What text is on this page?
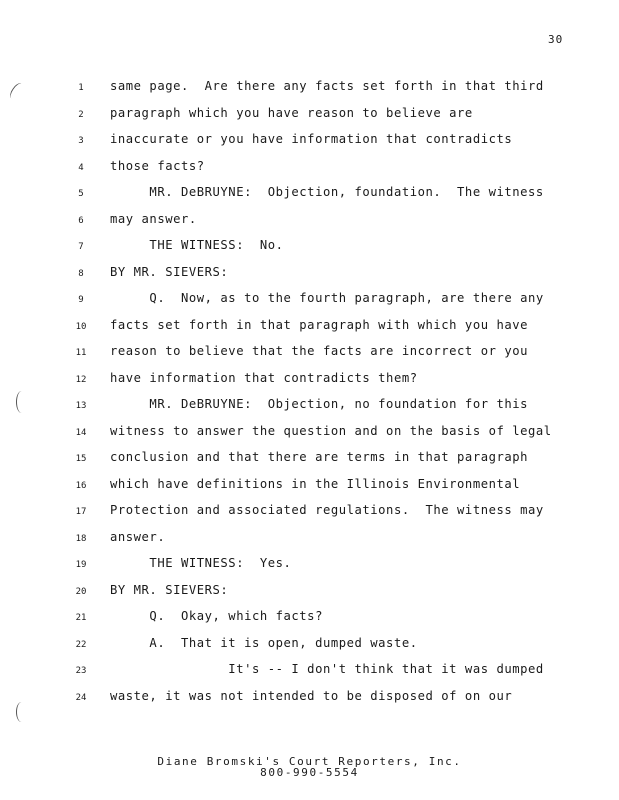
30
1	same page.  Are there any facts set forth in that third
2	paragraph which you have reason to believe are
3	inaccurate or you have information that contradicts
4	those facts?
5	MR. DeBRUYNE:  Objection, foundation.  The witness
6	may answer.
7	THE WITNESS:  No.
8	BY MR. SIEVERS:
9	Q.  Now, as to the fourth paragraph, are there any
10	facts set forth in that paragraph with which you have
11	reason to believe that the facts are incorrect or you
12	have information that contradicts them?
13	MR. DeBRUYNE:  Objection, no foundation for this
14	witness to answer the question and on the basis of legal
15	conclusion and that there are terms in that paragraph
16	which have definitions in the Illinois Environmental
17	Protection and associated regulations.  The witness may
18	answer.
19	THE WITNESS:  Yes.
20	BY MR. SIEVERS:
21	Q.  Okay, which facts?
22	A.  That it is open, dumped waste.
23	It's -- I don't think that it was dumped
24	waste, it was not intended to be disposed of on our
Diane Bromski's Court Reporters, Inc.
800-990-5554
